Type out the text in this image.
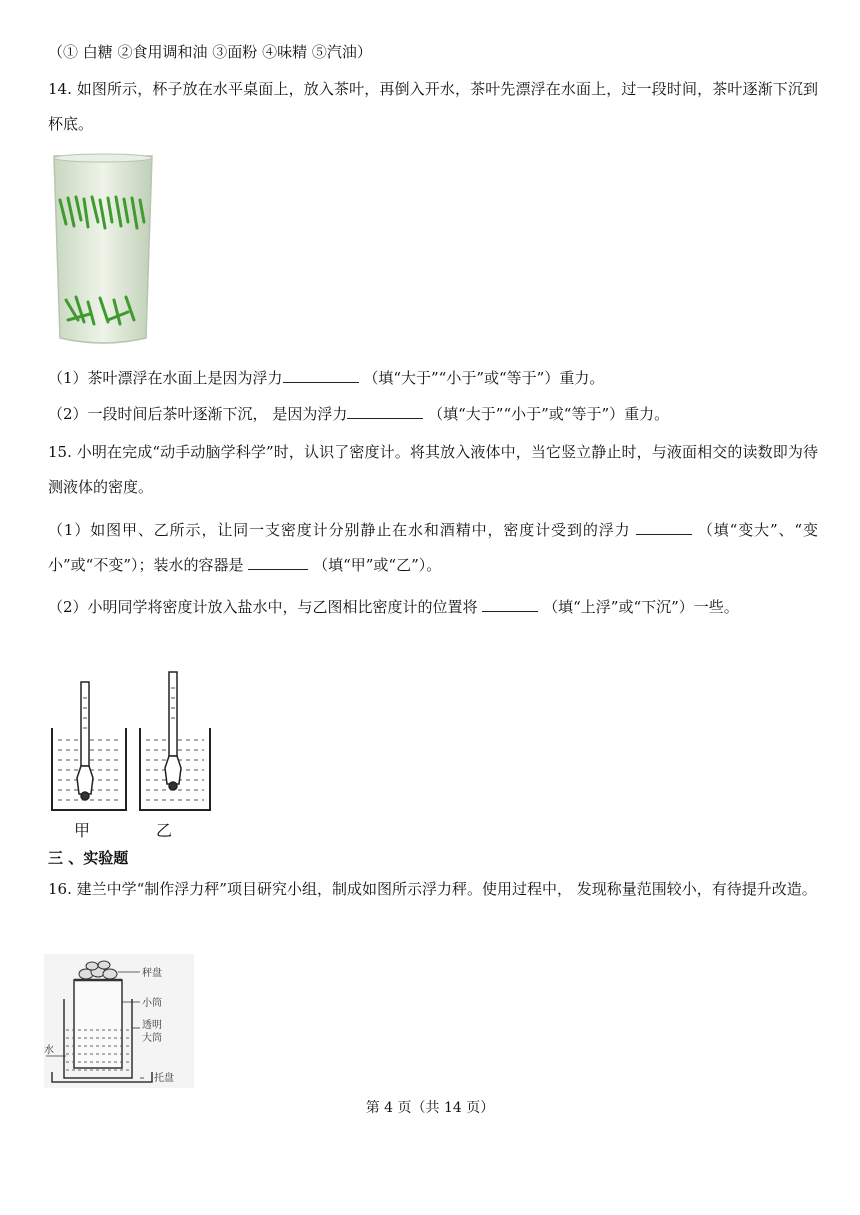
（① 白糖 ②食用调和油 ③面粉 ④味精 ⑤汽油）
14. 如图所示，杯子放在水平桌面上，放入茶叶，再倒入开水，茶叶先漂浮在水面上，过一段时间，茶叶逐渐下沉到杯底。
（1）茶叶漂浮在水面上是因为浮力	（填“大于”“小于”或“等于”）重力。
（2）一段时间后茶叶逐渐下沉， 是因为浮力	（填“大于”“小于”或“等于”）重力。
15. 小明在完成“动手动脑学科学”时，认识了密度计。将其放入液体中，当它竖立静止时，与液面相交的读数即为待测液体的密度。
（1）如图甲、乙所示，让同一支密度计分别静止在水和酒精中，密度计受到的浮力	（填“变大”、“变小”或“不变”）；装水的容器是	（填“甲”或“乙”）。
（2）小明同学将密度计放入盐水中，与乙图相比密度计的位置将	（填“上浮”或“下沉”）一些。
甲	乙
三 、实验题
16. 建兰中学“制作浮力秤”项目研究小组，制成如图所示浮力秤。使用过程中， 发现称量范围较小，有待提升改造。
秤盘
小筒
透明
大筒
水
托盘
第 4 页（共 14 页）
